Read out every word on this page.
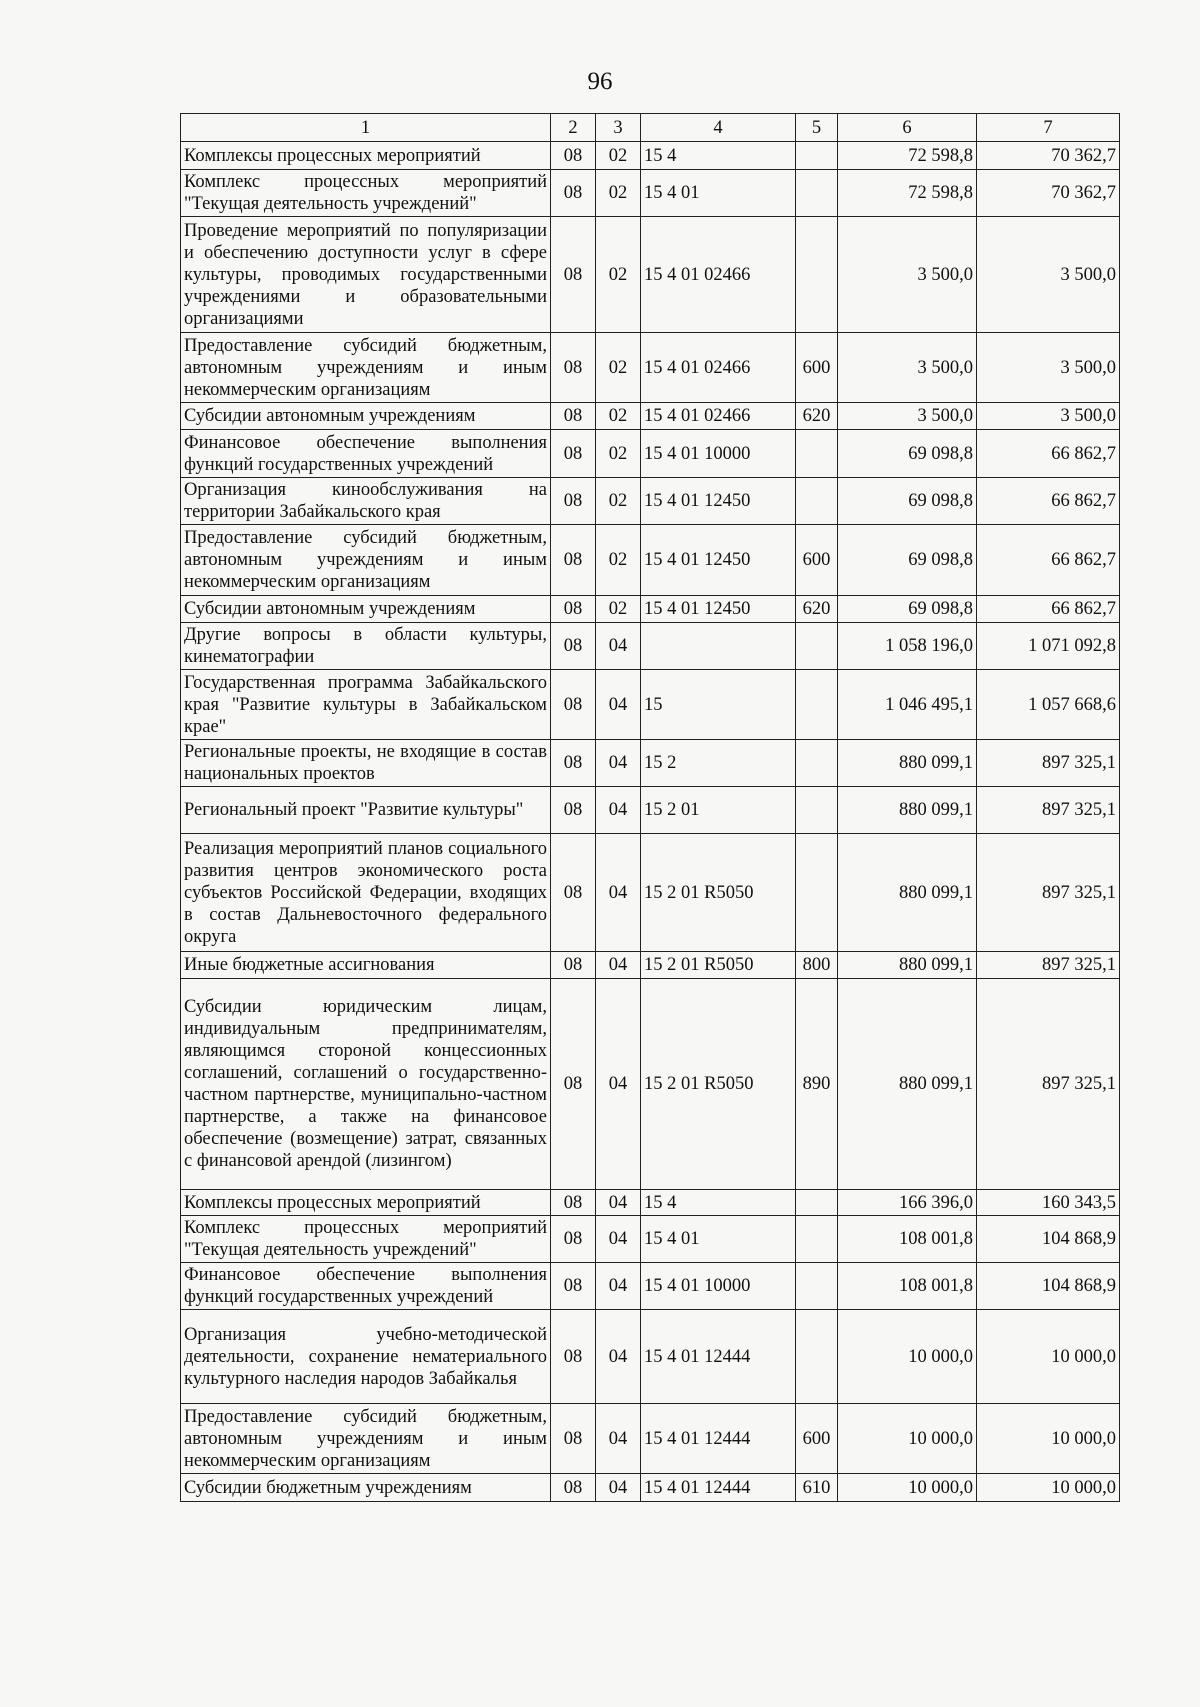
96
1	2	3	4	5	6	7
Комплексы процессных мероприятий	08	02	15 4		72 598,8	70 362,7
Комплекс процессных мероприятий "Текущая деятельность учреждений"	08	02	15 4 01		72 598,8	70 362,7
Проведение мероприятий по популяризации и обеспечению доступности услуг в сфере культуры, проводимых государственными учреждениями и образовательными организациями	08	02	15 4 01 02466		3 500,0	3 500,0
Предоставление субсидий бюджетным, автономным учреждениям и иным некоммерческим организациям	08	02	15 4 01 02466	600	3 500,0	3 500,0
Субсидии автономным учреждениям	08	02	15 4 01 02466	620	3 500,0	3 500,0
Финансовое обеспечение выполнения функций государственных учреждений	08	02	15 4 01 10000		69 098,8	66 862,7
Организация кинообслуживания на территории Забайкальского края	08	02	15 4 01 12450		69 098,8	66 862,7
Предоставление субсидий бюджетным, автономным учреждениям и иным некоммерческим организациям	08	02	15 4 01 12450	600	69 098,8	66 862,7
Субсидии автономным учреждениям	08	02	15 4 01 12450	620	69 098,8	66 862,7
Другие вопросы в области культуры, кинематографии	08	04			1 058 196,0	1 071 092,8
Государственная программа Забайкальского края "Развитие культуры в Забайкальском крае"	08	04	15		1 046 495,1	1 057 668,6
Региональные проекты, не входящие в состав национальных проектов	08	04	15 2		880 099,1	897 325,1
Региональный проект "Развитие культуры"	08	04	15 2 01		880 099,1	897 325,1
Реализация мероприятий планов социального развития центров экономического роста субъектов Российской Федерации, входящих в состав Дальневосточного федерального округа	08	04	15 2 01 R5050		880 099,1	897 325,1
Иные бюджетные ассигнования	08	04	15 2 01 R5050	800	880 099,1	897 325,1
Субсидии юридическим лицам, индивидуальным предпринимателям, являющимся стороной концессионных соглашений, соглашений о государственно-частном партнерстве, муниципально-частном партнерстве, а также на финансовое обеспечение (возмещение) затрат, связанных с финансовой арендой (лизингом)	08	04	15 2 01 R5050	890	880 099,1	897 325,1
Комплексы процессных мероприятий	08	04	15 4		166 396,0	160 343,5
Комплекс процессных мероприятий "Текущая деятельность учреждений"	08	04	15 4 01		108 001,8	104 868,9
Финансовое обеспечение выполнения функций государственных учреждений	08	04	15 4 01 10000		108 001,8	104 868,9
Организация учебно-методической деятельности, сохранение нематериального культурного наследия народов Забайкалья	08	04	15 4 01 12444		10 000,0	10 000,0
Предоставление субсидий бюджетным, автономным учреждениям и иным некоммерческим организациям	08	04	15 4 01 12444	600	10 000,0	10 000,0
Субсидии бюджетным учреждениям	08	04	15 4 01 12444	610	10 000,0	10 000,0
